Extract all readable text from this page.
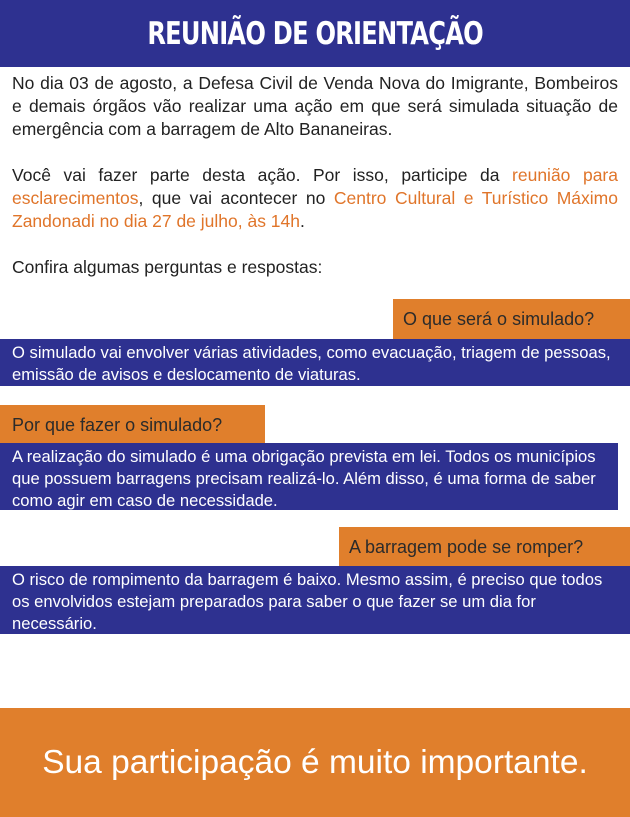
REUNIÃO DE ORIENTAÇÃO

No dia 03 de agosto, a Defesa Civil de Venda Nova do Imigrante, Bombeiros e demais órgãos vão realizar uma ação em que será simulada situação de emergência com a barragem de Alto Bananeiras.

Você vai fazer parte desta ação. Por isso, participe da reunião para esclarecimentos, que vai acontecer no Centro Cultural e Turístico Máximo Zandonadi no dia 27 de julho, às 14h.

Confira algumas perguntas e respostas:

O que será o simulado?
O simulado vai envolver várias atividades, como evacuação, triagem de pessoas, emissão de avisos e deslocamento de viaturas.
Por que fazer o simulado?
A realização do simulado é uma obrigação prevista em lei. Todos os municípios que possuem barragens precisam realizá-lo. Além disso, é uma forma de saber como agir em caso de necessidade.
A barragem pode se romper?
O risco de rompimento da barragem é baixo. Mesmo assim, é preciso que todos os envolvidos estejam preparados para saber o que fazer se um dia for necessário.
Sua participação é muito importante.
